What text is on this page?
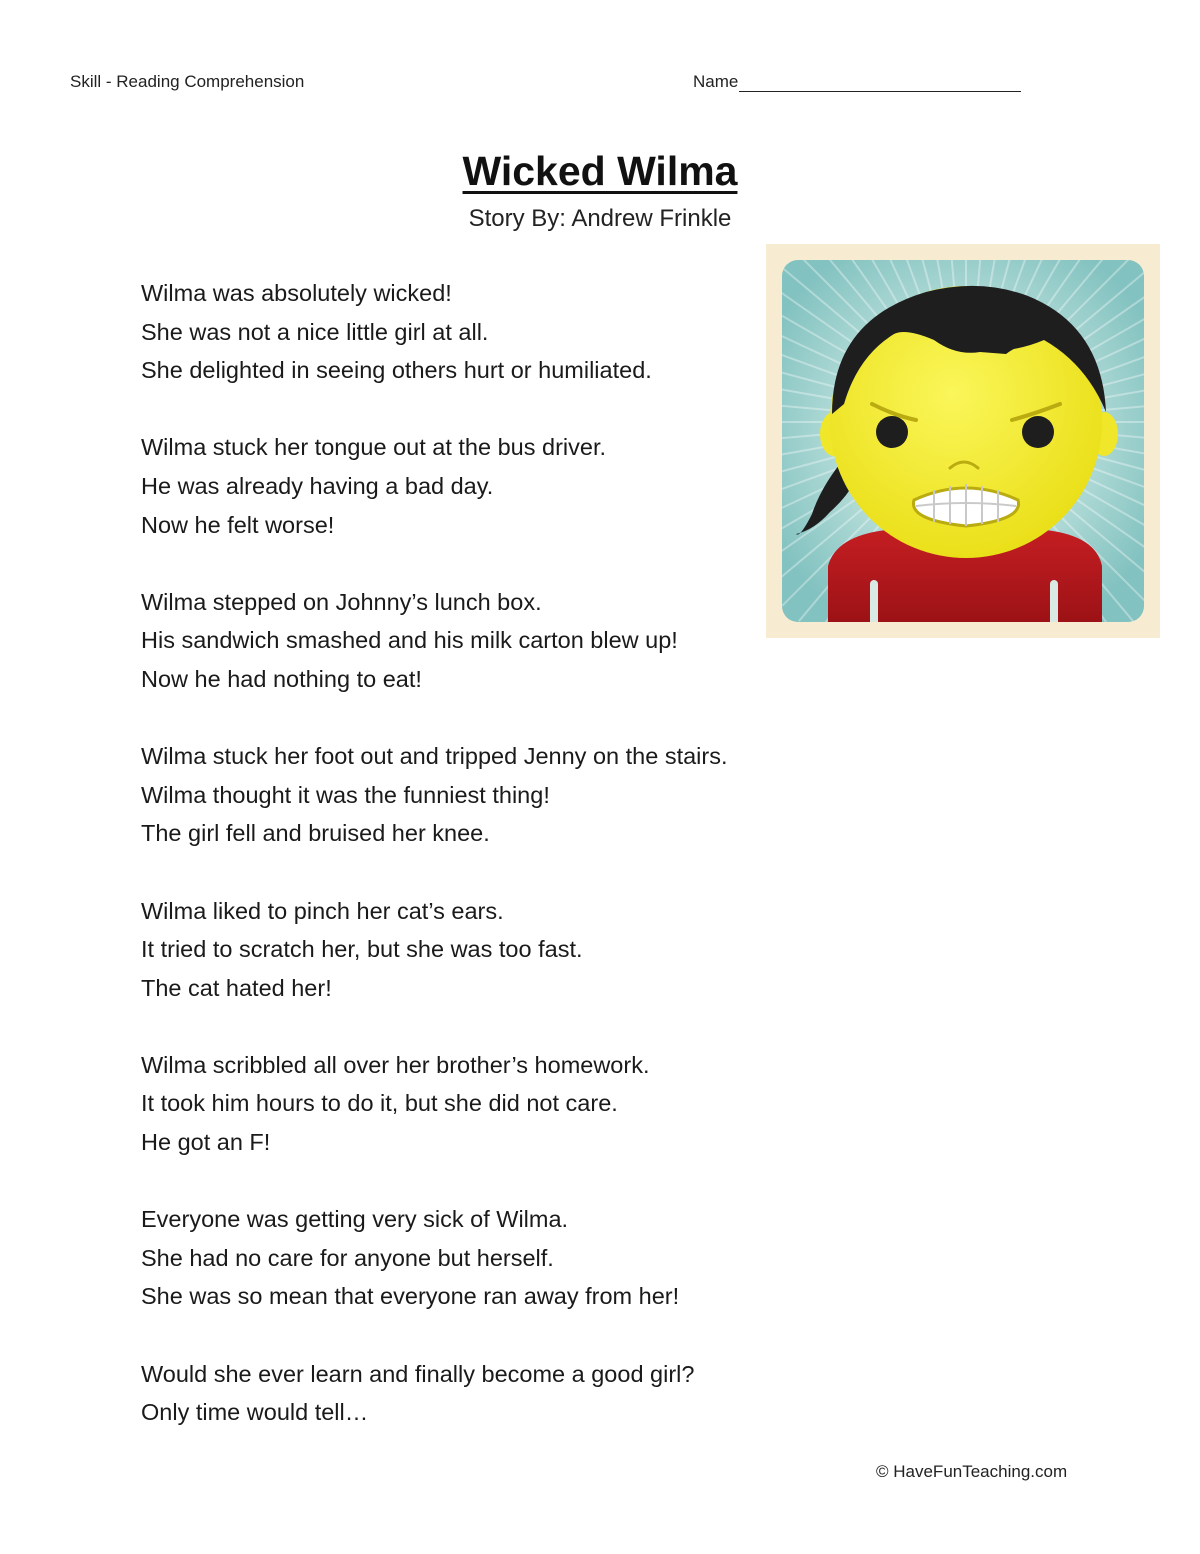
Skill - Reading Comprehension	Name
Wicked Wilma
Story By: Andrew Frinkle
Wilma was absolutely wicked!
She was not a nice little girl at all.
She delighted in seeing others hurt or humiliated.
Wilma stuck her tongue out at the bus driver.
He was already having a bad day.
Now he felt worse!
Wilma stepped on Johnny’s lunch box.
His sandwich smashed and his milk carton blew up!
Now he had nothing to eat!
Wilma stuck her foot out and tripped Jenny on the stairs.
Wilma thought it was the funniest thing!
The girl fell and bruised her knee.
Wilma liked to pinch her cat’s ears.
It tried to scratch her, but she was too fast.
The cat hated her!
Wilma scribbled all over her brother’s homework.
It took him hours to do it, but she did not care.
He got an F!
Everyone was getting very sick of Wilma.
She had no care for anyone but herself.
She was so mean that everyone ran away from her!
Would she ever learn and finally become a good girl?
Only time would tell…
© HaveFunTeaching.com
